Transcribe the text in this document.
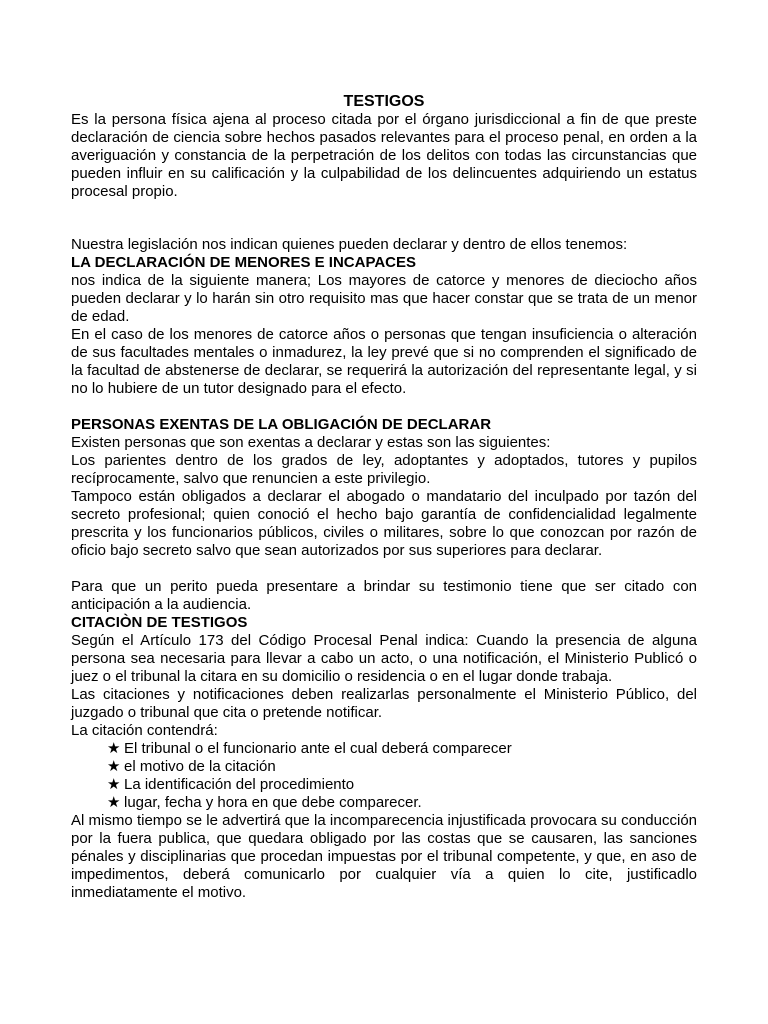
TESTIGOS

Es la persona física ajena al proceso citada por el órgano jurisdiccional a fin de que preste declaración de ciencia sobre hechos pasados relevantes para el proceso penal, en orden a la averiguación y constancia de la perpetración de los delitos con todas las circunstancias que pueden influir en su calificación y la culpabilidad de los delincuentes adquiriendo un estatus procesal propio.

Nuestra legislación nos indican quienes pueden declarar y dentro de ellos tenemos:

LA DECLARACIÓN DE MENORES E INCAPACES

nos indica de la siguiente manera; Los mayores de catorce y menores de dieciocho años pueden declarar y lo harán sin otro requisito mas que hacer constar que se trata de un menor de edad.

En el caso de los menores de catorce años o personas que tengan insuficiencia o alteración de sus facultades mentales o inmadurez, la ley prevé que si no comprenden el significado de la facultad de abstenerse de declarar, se requerirá la autorización del representante legal, y si no lo hubiere de un tutor designado para el efecto.

PERSONAS EXENTAS DE LA OBLIGACIÓN DE DECLARAR

Existen personas que son exentas a declarar y estas son las siguientes:

Los parientes dentro de los grados de ley, adoptantes y adoptados, tutores y pupilos recíprocamente, salvo que renuncien a este privilegio.

Tampoco están obligados a declarar el abogado o mandatario del inculpado por tazón del secreto profesional; quien conoció el hecho bajo garantía de confidencialidad legalmente prescrita y los funcionarios públicos, civiles o militares, sobre lo que conozcan por razón de oficio bajo secreto salvo que sean autorizados por sus superiores para declarar.

Para que un perito pueda presentare a brindar su testimonio tiene que ser citado con anticipación a la audiencia.

CITACIÒN DE TESTIGOS

Según el Artículo 173 del Código Procesal Penal indica: Cuando la presencia de alguna persona sea necesaria para llevar a cabo un acto, o una notificación, el Ministerio Publicó o juez o el tribunal la citara en su domicilio o residencia o en el lugar donde trabaja.

Las citaciones y notificaciones deben realizarlas personalmente el Ministerio Público, del juzgado o tribunal que cita o pretende notificar.

La citación contendrá:

★ El tribunal o el funcionario ante el cual deberá comparecer
★ el motivo de la citación
★ La identificación del procedimiento
★ lugar, fecha y hora en que debe comparecer.

Al mismo tiempo se le advertirá que la incomparecencia injustificada provocara su conducción por la fuera publica, que quedara obligado por las costas que se causaren, las sanciones pénales y disciplinarias que procedan impuestas por el tribunal competente, y que, en aso de impedimentos, deberá comunicarlo por cualquier vía a quien lo cite, justificadlo inmediatamente el motivo.
